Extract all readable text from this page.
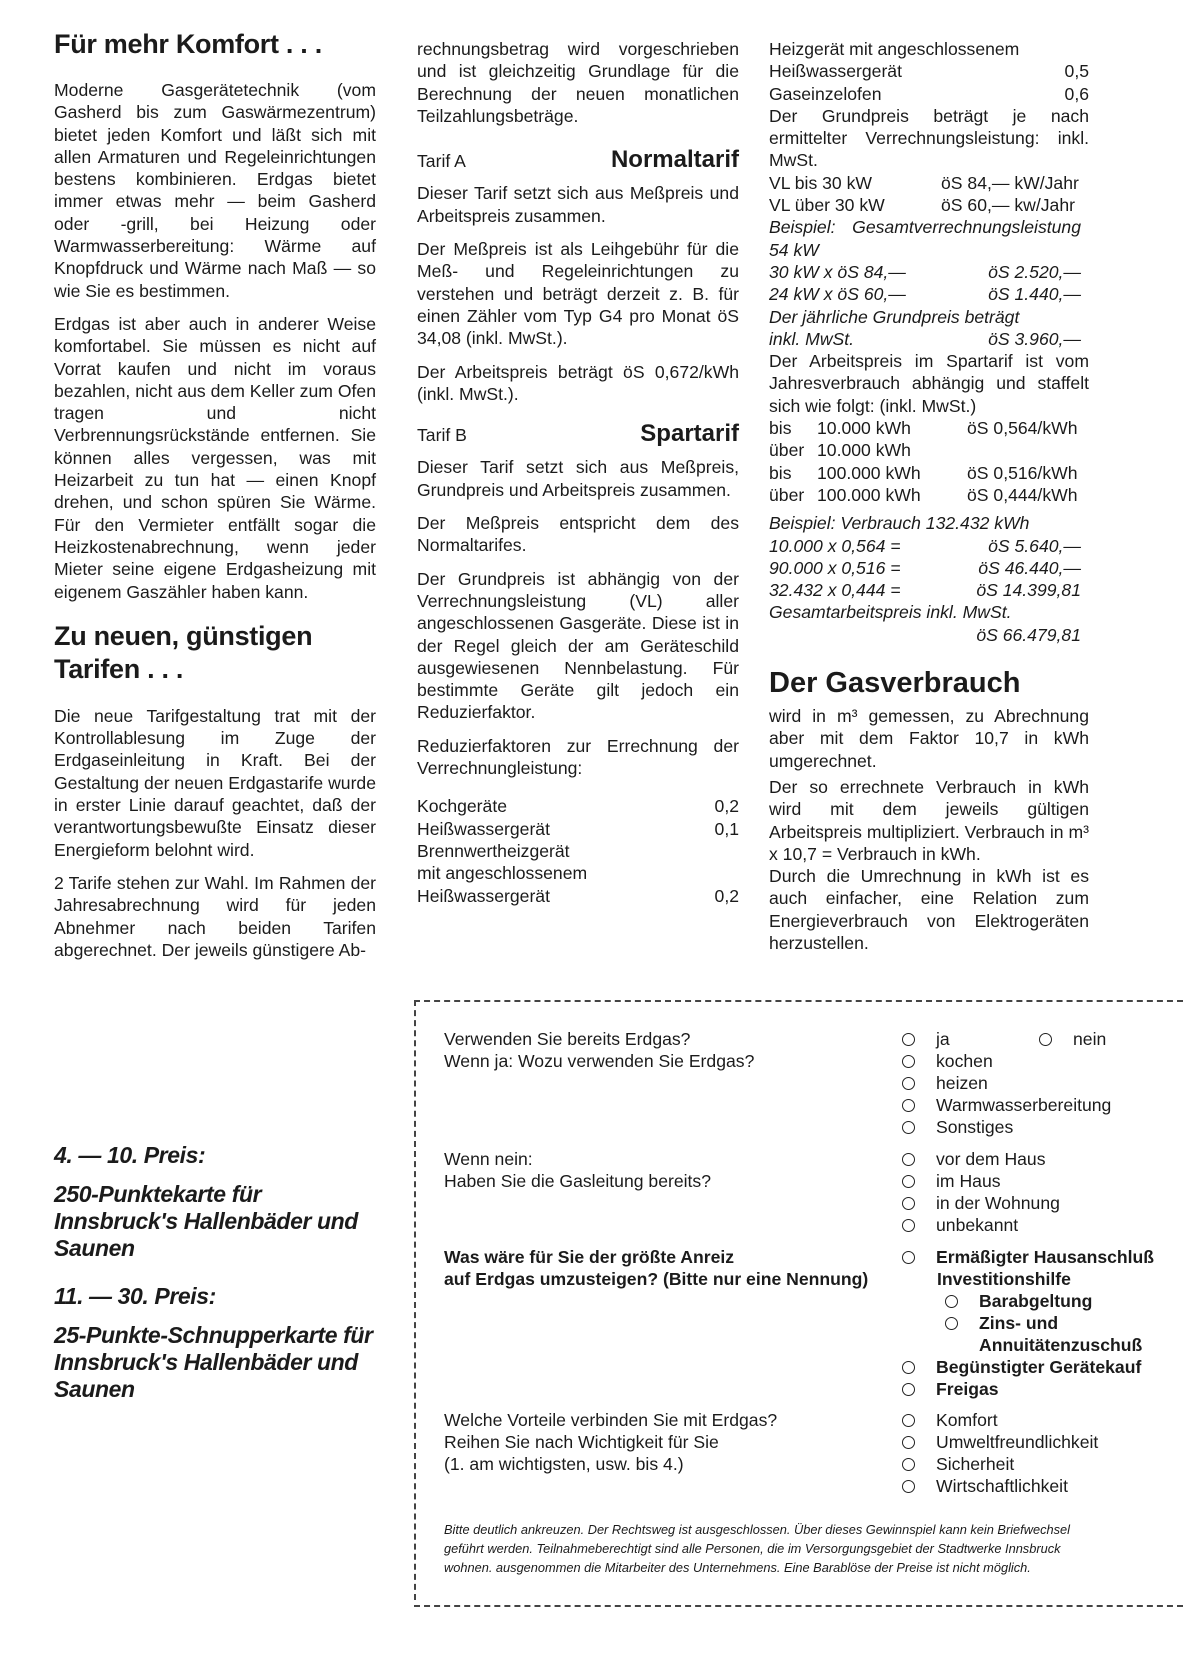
Für mehr Komfort . . .

Moderne Gasgerätetechnik (vom Gasherd bis zum Gaswärmezentrum) bietet jeden Komfort und läßt sich mit allen Armaturen und Regeleinrichtungen bestens kombinieren. Erdgas bietet immer etwas mehr — beim Gasherd oder -grill, bei Heizung oder Warmwasserbereitung: Wärme auf Knopfdruck und Wärme nach Maß — so wie Sie es bestimmen.

Erdgas ist aber auch in anderer Weise komfortabel. Sie müssen es nicht auf Vorrat kaufen und nicht im voraus bezahlen, nicht aus dem Keller zum Ofen tragen und nicht Verbrennungsrückstände entfernen. Sie können alles vergessen, was mit Heizarbeit zu tun hat — einen Knopf drehen, und schon spüren Sie Wärme. Für den Vermieter entfällt sogar die Heizkostenabrechnung, wenn jeder Mieter seine eigene Erdgasheizung mit eigenem Gaszähler haben kann.

Zu neuen, günstigen Tarifen . . .

Die neue Tarifgestaltung trat mit der Kontrollablesung im Zuge der Erdgaseinleitung in Kraft. Bei der Gestaltung der neuen Erdgastarife wurde in erster Linie darauf geachtet, daß der verantwortungsbewußte Einsatz dieser Energieform belohnt wird.

2 Tarife stehen zur Wahl. Im Rahmen der Jahresabrechnung wird für jeden Abnehmer nach beiden Tarifen abgerechnet. Der jeweils günstigere Ab-

rechnungsbetrag wird vorgeschrieben und ist gleichzeitig Grundlage für die Berechnung der neuen monatlichen Teilzahlungsbeträge.

Tarif A	Normaltarif

Dieser Tarif setzt sich aus Meßpreis und Arbeitspreis zusammen.

Der Meßpreis ist als Leihgebühr für die Meß- und Regeleinrichtungen zu verstehen und beträgt derzeit z. B. für einen Zähler vom Typ G4 pro Monat öS 34,08 (inkl. MwSt.).

Der Arbeitspreis beträgt öS 0,672/kWh (inkl. MwSt.).

Tarif B	Spartarif

Dieser Tarif setzt sich aus Meßpreis, Grundpreis und Arbeitspreis zusammen.

Der Meßpreis entspricht dem des Normaltarifes.

Der Grundpreis ist abhängig von der Verrechnungsleistung (VL) aller angeschlossenen Gasgeräte. Diese ist in der Regel gleich der am Geräteschild ausgewiesenen Nennbelastung. Für bestimmte Geräte gilt jedoch ein Reduzierfaktor.

Reduzierfaktoren zur Errechnung der Verrechnungleistung:

Kochgeräte	0,2
Heißwassergerät	0,1
Brennwertheizgerät
mit angeschlossenem
Heißwassergerät	0,2
Heizgerät mit angeschlossenem
Heißwassergerät	0,5
Gaseinzelofen	0,6
Der Grundpreis beträgt je nach ermittelter Verrechnungsleistung: inkl. MwSt.
VL bis 30 kW	öS 84,— kW/Jahr
VL über 30 kW	öS 60,— kw/Jahr
Beispiel: Gesamtverrechnungsleistung 54 kW
30 kW x öS 84,—	öS 2.520,—
24 kW x öS 60,—	öS 1.440,—
Der jährliche Grundpreis beträgt
inkl. MwSt.	öS 3.960,—
Der Arbeitspreis im Spartarif ist vom Jahresverbrauch abhängig und staffelt sich wie folgt: (inkl. MwSt.)
bis	10.000 kWh	öS 0,564/kWh
über 10.000 kWh
bis	100.000 kWh	öS 0,516/kWh
über 100.000 kWh	öS 0,444/kWh
Beispiel: Verbrauch 132.432 kWh
10.000 x 0,564 =	öS 5.640,—
90.000 x 0,516 =	öS 46.440,—
32.432 x 0,444 =	öS 14.399,81
Gesamtarbeitspreis inkl. MwSt.
öS 66.479,81
Der Gasverbrauch
wird in m³ gemessen, zu Abrechnung aber mit dem Faktor 10,7 in kWh umgerechnet.
Der so errechnete Verbrauch in kWh wird mit dem jeweils gültigen Arbeitspreis multipliziert. Verbrauch in m³ x 10,7 = Verbrauch in kWh.
Durch die Umrechnung in kWh ist es auch einfacher, eine Relation zum Energieverbrauch von Elektrogeräten herzustellen.
4. — 10. Preis:
250-Punktekarte für Innsbruck's Hallenbäder und Saunen
11. — 30. Preis:
25-Punkte-Schnupperkarte für Innsbruck's Hallenbäder und Saunen
Verwenden Sie bereits Erdgas?
Wenn ja: Wozu verwenden Sie Erdgas?
ja	nein
kochen
heizen
Warmwasserbereitung
Sonstiges
Wenn nein:
Haben Sie die Gasleitung bereits?
vor dem Haus
im Haus
in der Wohnung
unbekannt
Was wäre für Sie der größte Anreiz
auf Erdgas umzusteigen? (Bitte nur eine Nennung)
Ermäßigter Hausanschluß
Investitionshilfe
Barabgeltung
Zins- und
Annuitätenzuschuß
Begünstigter Gerätekauf
Freigas
Welche Vorteile verbinden Sie mit Erdgas?
Reihen Sie nach Wichtigkeit für Sie
(1. am wichtigsten, usw. bis 4.)
Komfort
Umweltfreundlichkeit
Sicherheit
Wirtschaftlichkeit
Bitte deutlich ankreuzen. Der Rechtsweg ist ausgeschlossen. Über dieses Gewinnspiel kann kein Briefwechsel
geführt werden. Teilnahmeberechtigt sind alle Personen, die im Versorgungsgebiet der Stadtwerke Innsbruck
wohnen. ausgenommen die Mitarbeiter des Unternehmens. Eine Barablöse der Preise ist nicht möglich.
